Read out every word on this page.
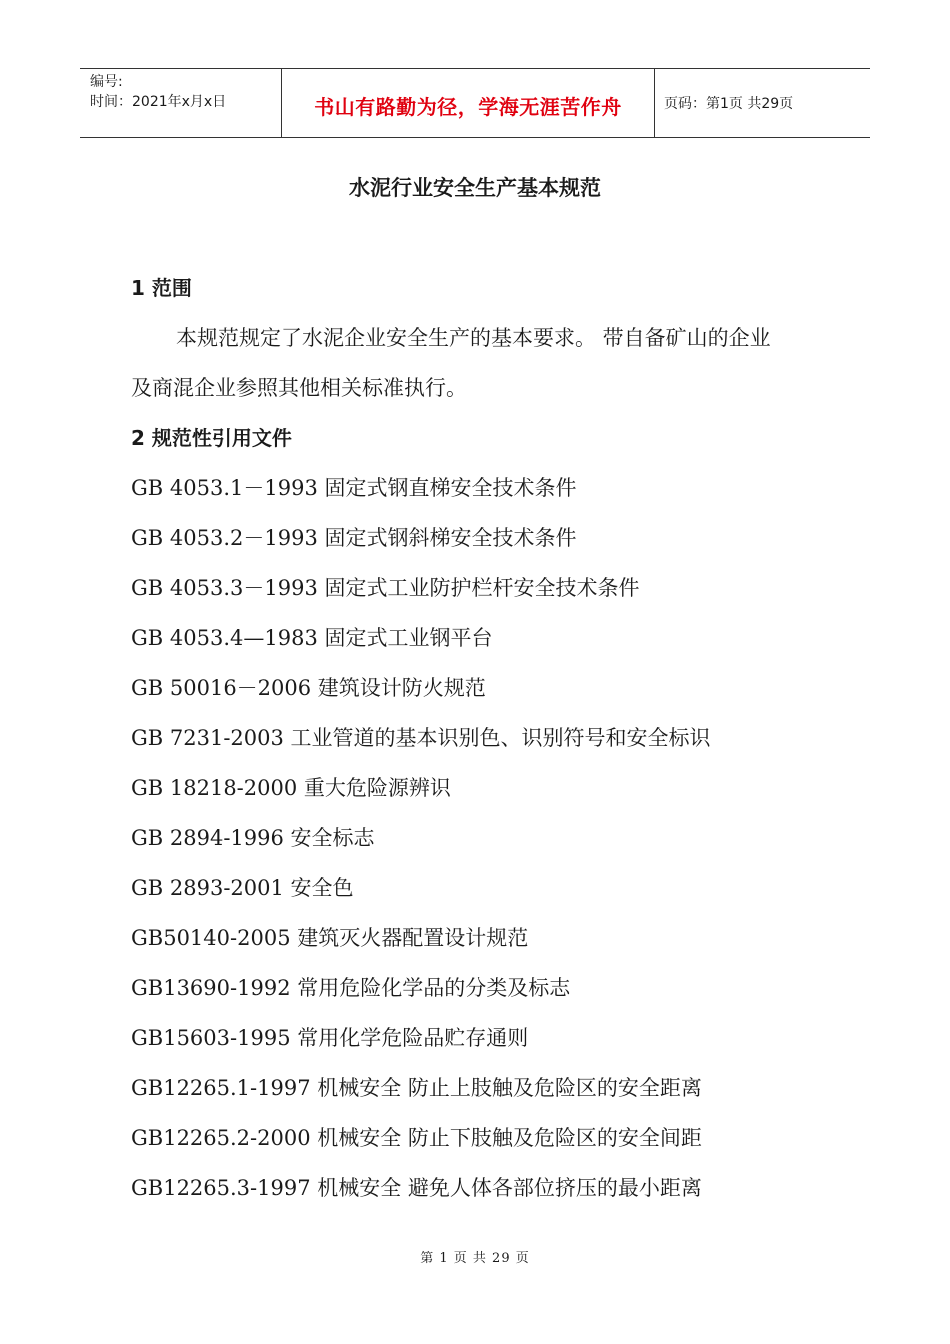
编号:
时间：2021年x月x日	书山有路勤为径，学海无涯苦作舟	页码：第1页 共29页
水泥行业安全生产基本规范
1 范围
本规范规定了水泥企业安全生产的基本要求。 带自备矿山的企业
及商混企业参照其他相关标准执行。
2 规范性引用文件
GB 4053.1－1993 固定式钢直梯安全技术条件
GB 4053.2－1993 固定式钢斜梯安全技术条件
GB 4053.3－1993 固定式工业防护栏杆安全技术条件
GB 4053.4—1983 固定式工业钢平台
GB 50016－2006 建筑设计防火规范
GB 7231-2003 工业管道的基本识别色、识别符号和安全标识
GB 18218-2000 重大危险源辨识
GB 2894-1996 安全标志
GB 2893-2001 安全色
GB50140-2005 建筑灭火器配置设计规范
GB13690-1992 常用危险化学品的分类及标志
GB15603-1995 常用化学危险品贮存通则
GB12265.1-1997 机械安全 防止上肢触及危险区的安全距离
GB12265.2-2000 机械安全 防止下肢触及危险区的安全间距
GB12265.3-1997 机械安全 避免人体各部位挤压的最小距离
第 1 页 共 29 页
